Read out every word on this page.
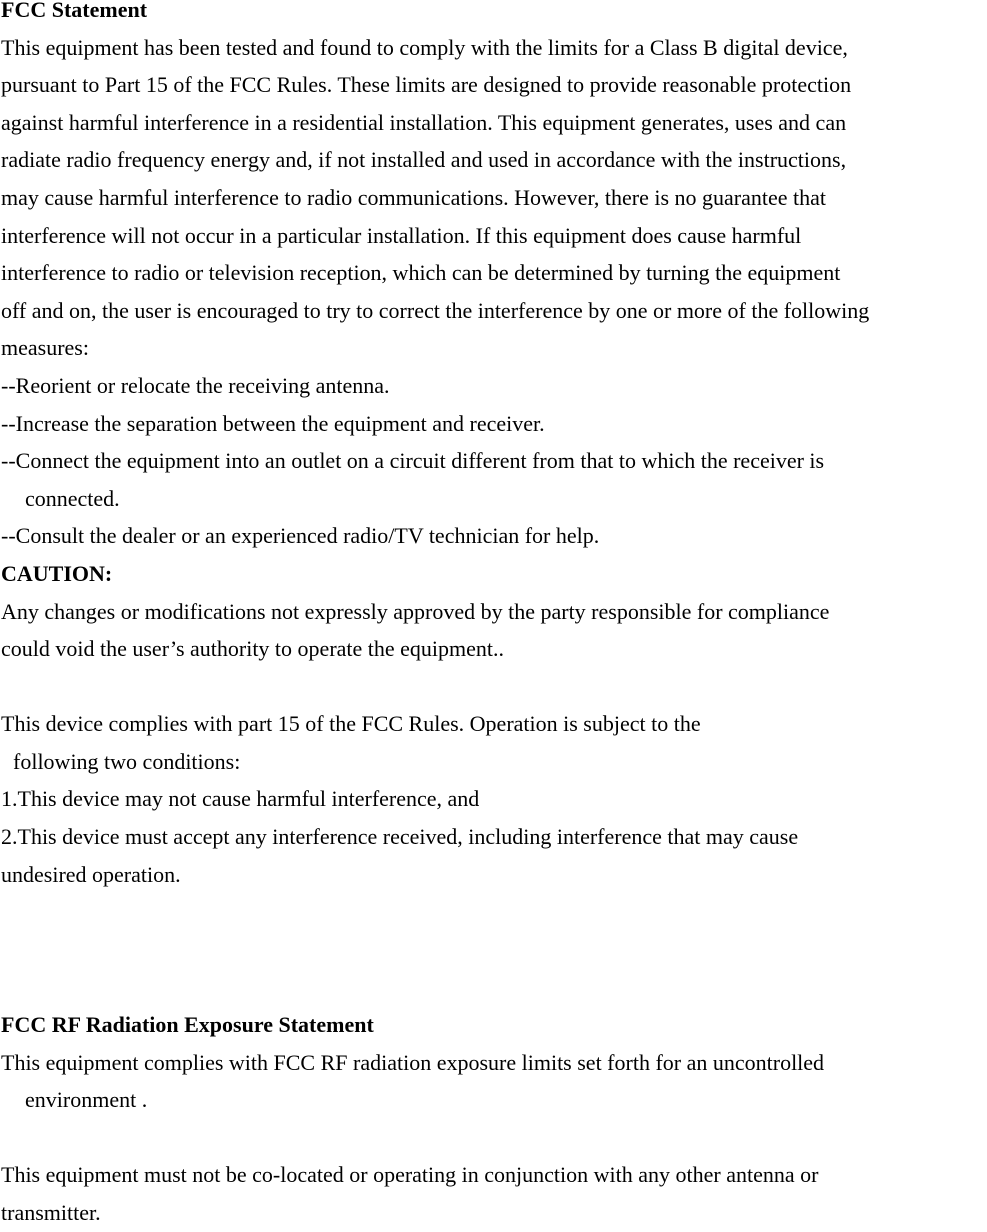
FCC Statement
This equipment has been tested and found to comply with the limits for a Class B digital device,
pursuant to Part 15 of the FCC Rules. These limits are designed to provide reasonable protection
against harmful interference in a residential installation. This equipment generates, uses and can
radiate radio frequency energy and, if not installed and used in accordance with the instructions,
may cause harmful interference to radio communications. However, there is no guarantee that
interference will not occur in a particular installation. If this equipment does cause harmful
interference to radio or television reception, which can be determined by turning the equipment
off and on, the user is encouraged to try to correct the interference by one or more of the following
measures:
--Reorient or relocate the receiving antenna.
--Increase the separation between the equipment and receiver.
--Connect the equipment into an outlet on a circuit different from that to which the receiver is
connected.
--Consult the dealer or an experienced radio/TV technician for help.
CAUTION:
Any changes or modifications not expressly approved by the party responsible for compliance
could void the user’s authority to operate the equipment..
This device complies with part 15 of the FCC Rules. Operation is subject to the
following two conditions:
1.This device may not cause harmful interference, and
2.This device must accept any interference received, including interference that may cause
undesired operation.
FCC RF Radiation Exposure Statement
This equipment complies with FCC RF radiation exposure limits set forth for an uncontrolled
environment .
This equipment must not be co-located or operating in conjunction with any other antenna or
transmitter.
